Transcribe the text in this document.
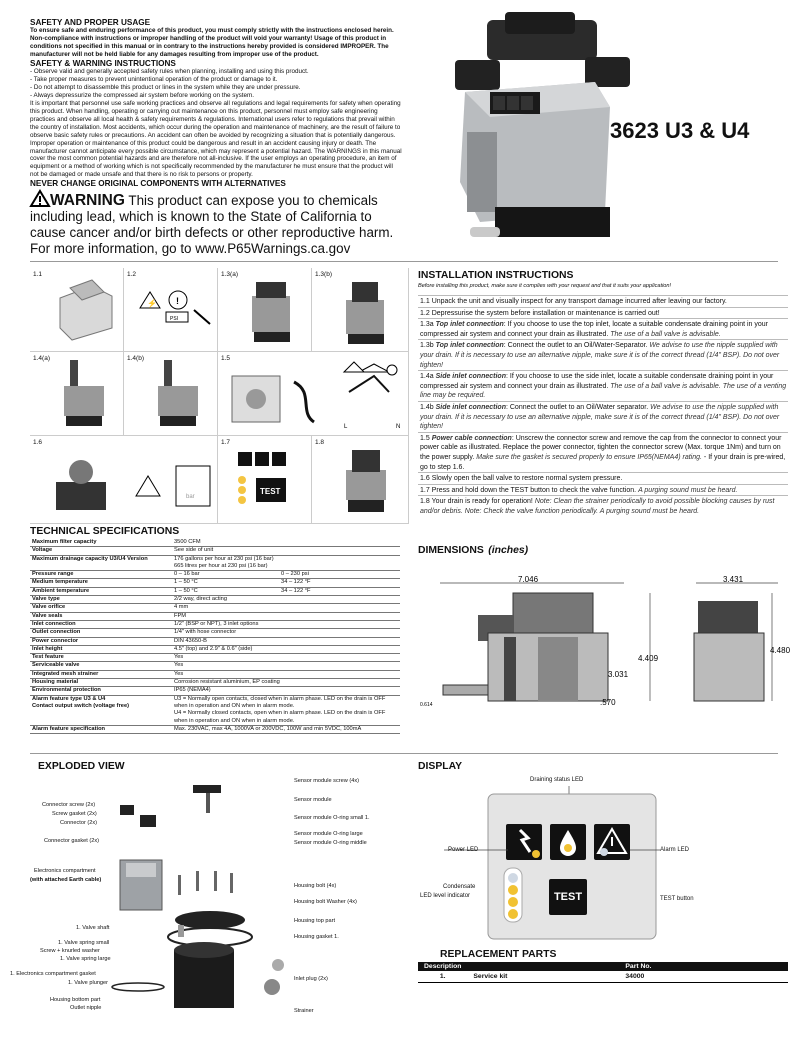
SAFETY AND PROPER USAGE
To ensure safe and enduring performance of this product, you must comply strictly with the instructions enclosed herein. Non-compliance with instructions or improper handling of the product will void your warranty! Usage of this product in conditions not specified in this manual or in contrary to the instructions hereby provided is considered IMPROPER. The manufacturer will not be held liable for any damages resulting from improper use of the product.
SAFETY & WARNING INSTRUCTIONS
- Observe valid and generally accepted safety rules when planning, installing and using this product.
- Take proper measures to prevent unintentional operation of the product or damage to it.
- Do not attempt to disassemble this product or lines in the system while they are under pressure.
- Always depressurize the compressed air system before working on the system.
It is important that personnel use safe working practices and observe all regulations and legal requirements for safety when operating this product. When handling, operating or carrying out maintenance on this product, personnel must employ safe engineering practices and observe all local health & safety requirements & regulations. International users refer to regulations that prevail within the country of installation. Most accidents, which occur during the operation and maintenance of machinery, are the result of failure to observe basic safety rules or precautions. An accident can often be avoided by recognizing a situation that is potentially dangerous. Improper operation or maintenance of this product could be dangerous and result in an accident causing injury or death. The manufacturer cannot anticipate every possible circumstance, which may represent a potential hazard. The WARNINGS in this manual cover the most common potential hazards and are therefore not all-inclusive. If the user employs an operating procedure, an item of equipment or a method of working which is not specifically recommended by the manufacturer he must ensure that the product will not be damaged or made unsafe and that there is no risk to persons or property.
NEVER CHANGE ORIGINAL COMPONENTS WITH ALTERNATIVES
WARNING This product can expose you to chemicals including lead, which is known to the State of California to cause cancer and/or birth defects or other reproductive harm. For more information, go to www.P65Warnings.ca.gov
3623 U3 & U4
1.1	1.2
⚡ !
PSI
1.3(a)	1.3(b)
1.4(a)	1.4(b)	1.5
L	N
1.6
bar
1.7
TEST
1.8
INSTALLATION INSTRUCTIONS
Before installing this product, make sure it complies with your request and that it suits your application!
1.1 Unpack the unit and visually inspect for any transport damage incurred after leaving our factory.
1.2 Depressurise the system before installation or maintenance is carried out!
1.3a Top inlet connection: If you choose to use the top inlet, locate a suitable condensate draining point in your compressed air system and connect your drain as illustrated. The use of a ball valve is advisable.
1.3b Top inlet connection: Connect the outlet to an Oil/Water-Separator. We advise to use the nipple supplied with your drain. If it is necessary to use an alternative nipple, make sure it is of the correct thread (1/4" BSP). Do not over tighten!
1.4a Side inlet connection: If you choose to use the side inlet, locate a suitable condensate draining point in your compressed air system and connect your drain as illustrated. The use of a ball valve is advisable. The use of a venting line may be required.
1.4b Side inlet connection: Connect the outlet to an Oil/Water separator. We advise to use the nipple supplied with your drain. If it is necessary to use an alternative nipple, make sure it is of the correct thread (1/4" BSP). Do not over tighten!
1.5 Power cable connection: Unscrew the connector screw and remove the cap from the connector to connect your power cable as illustrated. Replace the power connector, tighten the connector screw (Max. torque 1Nm) and turn on the power supply. Make sure the gasket is secured properly to ensure IP65(NEMA4) rating. - If your drain is pre-wired, go to step 1.6.
1.6 Slowly open the ball valve to restore normal system pressure.
1.7 Press and hold down the TEST button to check the valve function. A purging sound must be heard.
1.8 Your drain is ready for operation! Note: Clean the strainer periodically to avoid possible blocking causes by rust and/or debris. Note: Check the valve function periodically. A purging sound must be heard.
TECHNICAL SPECIFICATIONS
Maximum filter capacity	3500 CFM	
Voltage	See side of unit	
Maximum drainage capacity U3/U4 Version	176 gallons per hour at 230 psi (16 bar)
665 litres per hour at 230 psi (16 bar)	
Pressure range	0 – 16 bar	0 – 230 psi
Medium temperature	1 – 50 °C	34 – 122 °F
Ambient temperature	1 – 50 °C	34 – 122 °F
Valve type	2/2 way, direct acting	
Valve orifice	4 mm	
Valve seals	FPM	
Inlet connection	1/2" (BSP or NPT), 3 inlet options	
Outlet connection	1/4" with hose connector	
Power connector	DIN 43650-B	
Inlet height	4.5" (top) and 2.9" & 0.6" (side)	
Test feature	Yes	
Serviceable valve	Yes	
Integrated mesh strainer	Yes	
Housing material	Corrosion resistant aluminium, EP coating	
Environmental protection	IP65 (NEMA4)	
Alarm feature type U3 & U4
Contact output switch (voltage free)	U3 = Normally open contacts, closed when in alarm phase. LED on the drain is OFF when in operation and ON when in alarm mode.
U4 = Normally closed contacts, open when in alarm phase. LED on the drain is OFF when in operation and ON when in alarm mode.	
Alarm feature specification	Max. 230VAC, max 4A, 1000VA or 200VDC, 100W and min 5VDC, 100mA	
DIMENSIONS (inches)
7.046
4.409
3.031
.570
0.614
3.431
4.480
EXPLODED VIEW
Connector screw (2x)
Screw gasket (2x)
Connector (2x)
Connector gasket (2x)
Electronics compartment
(with attached Earth cable)
1. Valve shaft
1. Valve spring small
Screw + knurled washer
1. Valve spring large
1. Electronics compartment gasket
1. Valve plunger
Housing bottom part
Outlet nipple
Sensor module screw (4x)
Sensor module
Sensor module O-ring small 1.
Sensor module O-ring large
Sensor module O-ring middle
Housing bolt (4x)
Housing bolt Washer (4x)
Housing top part
Housing gasket 1.
Inlet plug (2x)
Strainer
DISPLAY
Draining status LED
Power LED	Alarm LED
Condensate
LED level indicator	TEST button
TEST
REPLACEMENT PARTS
Description		Part No.
1.	Service kit	34000
